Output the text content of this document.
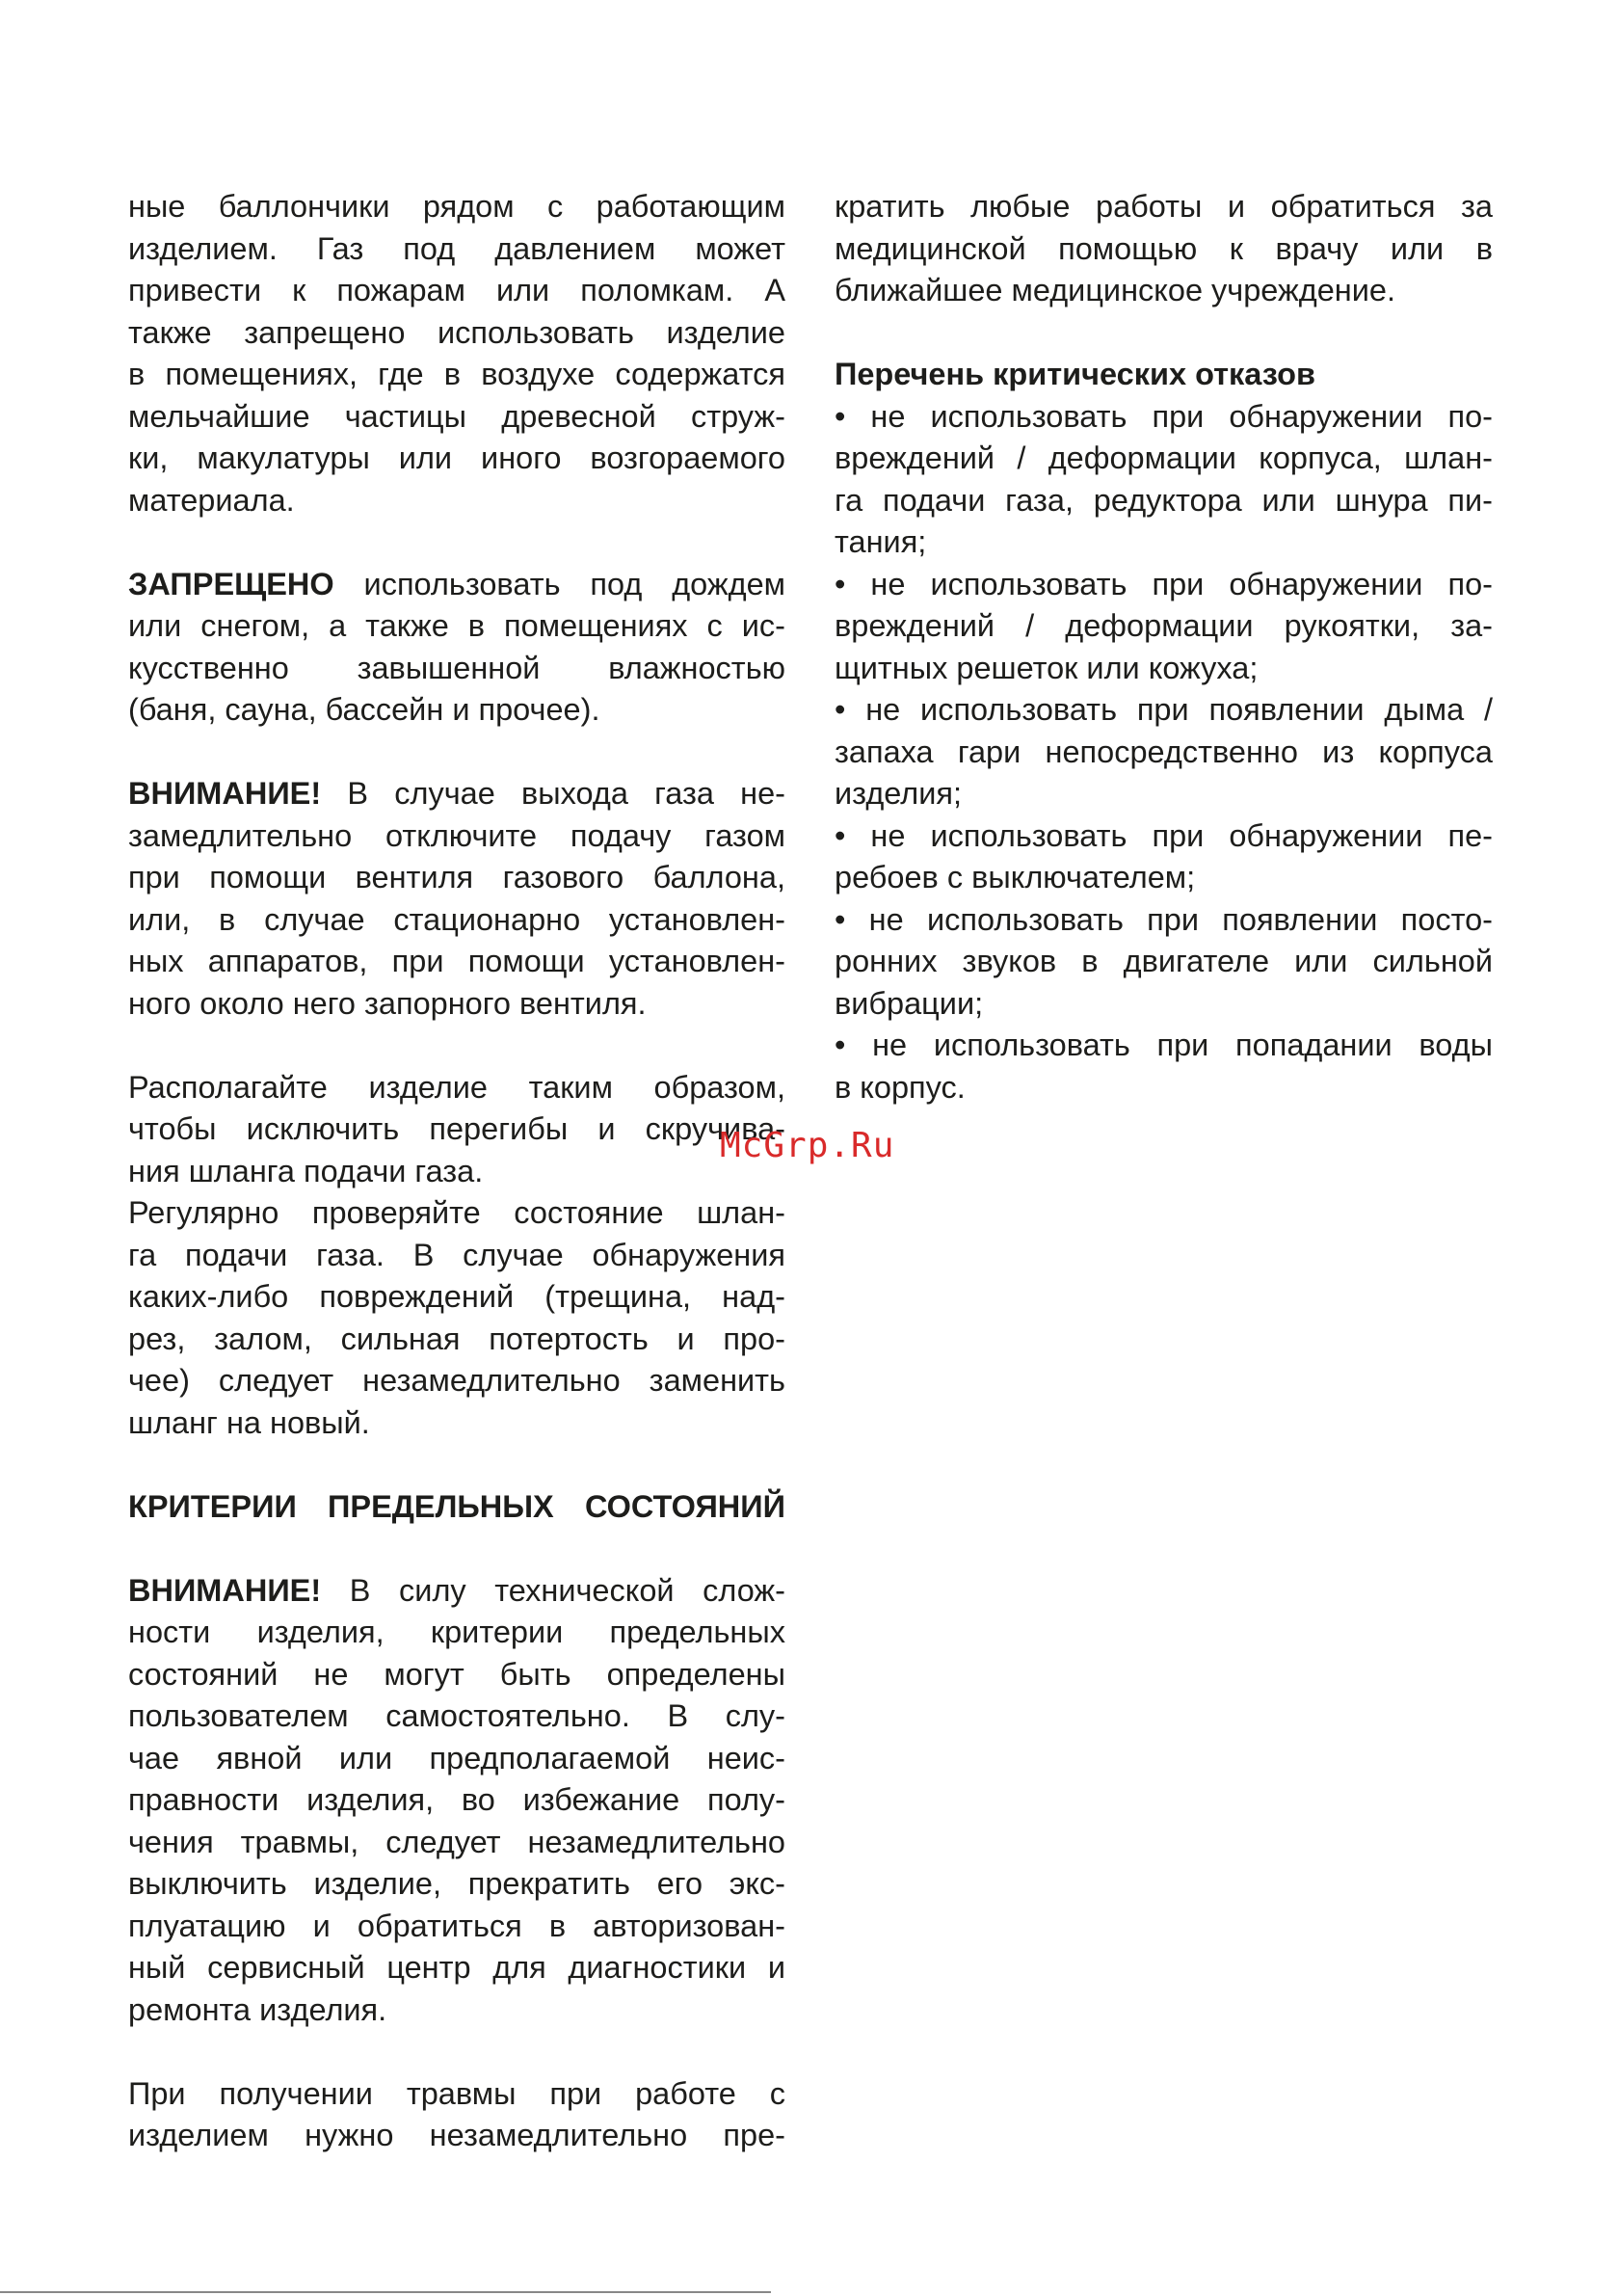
ные баллончики рядом с работающим
изделием. Газ под давлением может
привести к пожарам или поломкам. А
также запрещено использовать изделие
в помещениях, где в воздухе содержатся
мельчайшие частицы древесной струж-
ки, макулатуры или иного возгораемого
материала.
ЗАПРЕЩЕНО использовать под дождем
или снегом, а также в помещениях с ис-
кусственно завышенной влажностью
(баня, сауна, бассейн и прочее).
ВНИМАНИЕ! В случае выхода газа не-
замедлительно отключите подачу газом
при помощи вентиля газового баллона,
или, в случае стационарно установлен-
ных аппаратов, при помощи установлен-
ного около него запорного вентиля.
Располагайте изделие таким образом,
чтобы исключить перегибы и скручива-
ния шланга подачи газа.
Регулярно проверяйте состояние шлан-
га подачи газа. В случае обнаружения
каких-либо повреждений (трещина, над-
рез, залом, сильная потертость и про-
чее) следует незамедлительно заменить
шланг на новый.
КРИТЕРИИ ПРЕДЕЛЬНЫХ СОСТОЯНИЙ
ВНИМАНИЕ! В силу технической слож-
ности изделия, критерии предельных
состояний не могут быть определены
пользователем самостоятельно. В слу-
чае явной или предполагаемой неис-
правности изделия, во избежание полу-
чения травмы, следует незамедлительно
выключить изделие, прекратить его экс-
плуатацию и обратиться в авторизован-
ный сервисный центр для диагностики и
ремонта изделия.
При получении травмы при работе с
изделием нужно незамедлительно пре-
кратить любые работы и обратиться за
медицинской помощью к врачу или в
ближайшее медицинское учреждение.
Перечень критических отказов
• не использовать при обнаружении по-
вреждений / деформации корпуса, шлан-
га подачи газа, редуктора или шнура пи-
тания;
• не использовать при обнаружении по-
вреждений / деформации рукоятки, за-
щитных решеток или кожуха;
• не использовать при появлении дыма /
запаха гари непосредственно из корпуса
изделия;
• не использовать при обнаружении пе-
ребоев с выключателем;
• не использовать при появлении посто-
ронних звуков в двигателе или сильной
вибрации;
• не использовать при попадании воды
в корпус.
McGrp.Ru
